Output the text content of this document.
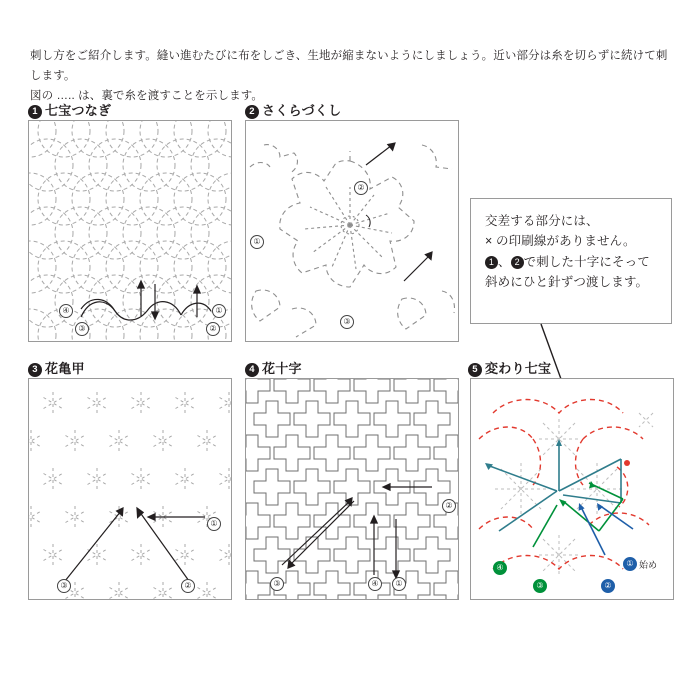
刺し方をご紹介します。縫い進むたびに布をしごき、生地が縮まないようにしましょう。近い部分は糸を切らずに続けて刺します。
図の ….. は、裏で糸を渡すことを示します。
1 七宝つなぎ	2 さくらづくし
3 花亀甲	4 花十字	5 変わり七宝
①
②
③
④
①
②
③

交差する部分には、

× の印刷線がありません。

1 、 2 で刺した十字にそって

斜めにひと針ずつ渡します。

①
②
③
②
④	①
③
④
③	②
① 始め
